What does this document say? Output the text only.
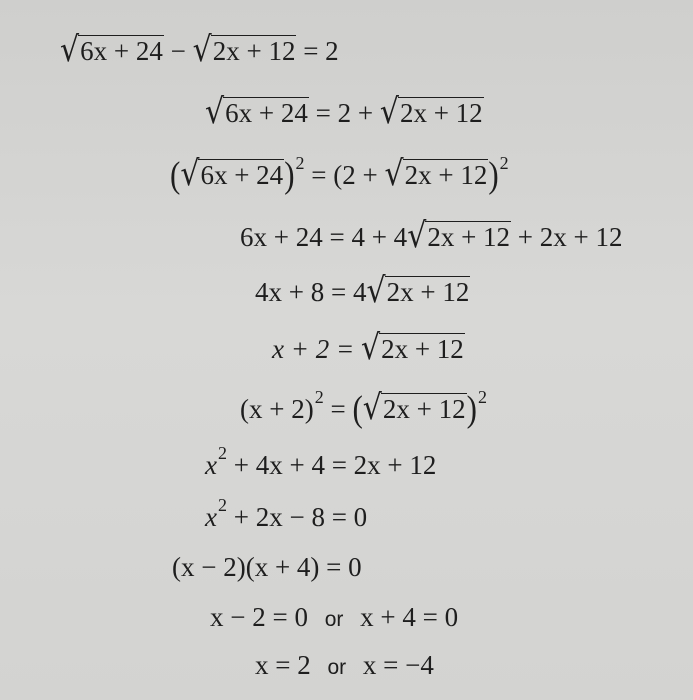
√6x + 24 − √2x + 12 = 2
√6x + 24 = 2 + √2x + 12
$(√6x + 24)^2 = (2 + √2x + 12)^2$
6x + 24 = 4 + 4√2x + 12 + 2x + 12
4x + 8 = 4√2x + 12
x + 2 = √2x + 12
$(x + 2)^2 = (√2x + 12)^2$
$x^2 + 4x + 4 = 2x + 12$
$x^2 + 2x - 8 = 0$
(x − 2)(x + 4) = 0
x − 2 = 0 or x + 4 = 0
x = 2 or x = −4
